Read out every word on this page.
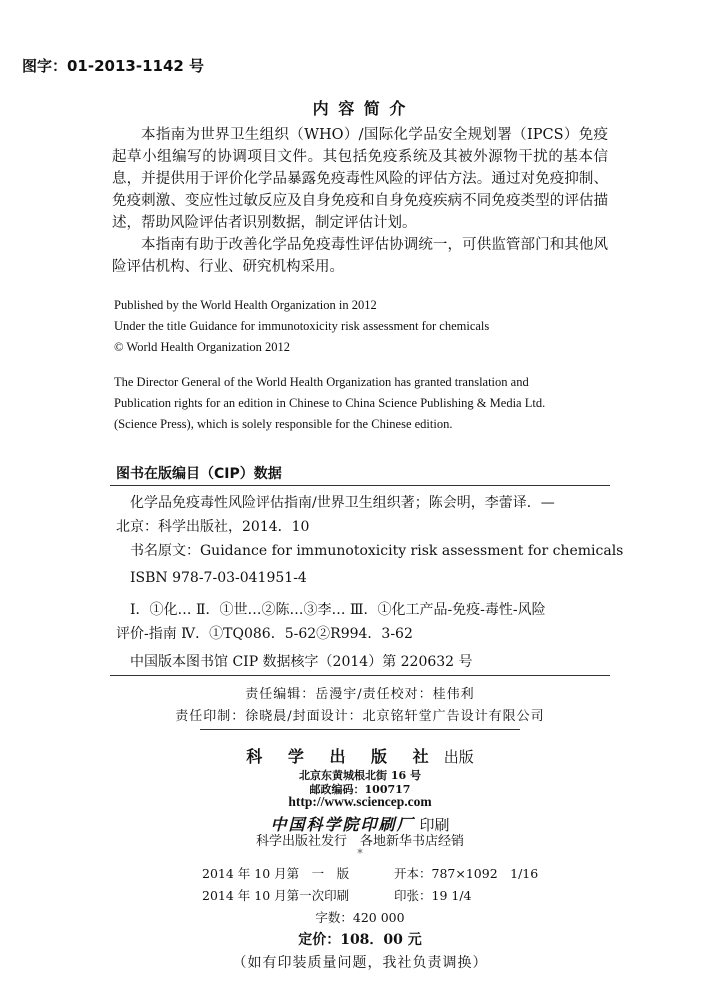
图字：01-2013-1142 号
内 容 简 介
本指南为世界卫生组织（WHO）/国际化学品安全规划署（IPCS）免疫起草小组编写的协调项目文件。其包括免疫系统及其被外源物干扰的基本信息，并提供用于评价化学品暴露免疫毒性风险的评估方法。通过对免疫抑制、免疫刺激、变应性过敏反应及自身免疫和自身免疫疾病不同免疫类型的评估描述，帮助风险评估者识别数据，制定评估计划。
本指南有助于改善化学品免疫毒性评估协调统一，可供监管部门和其他风险评估机构、行业、研究机构采用。
Published by the World Health Organization in 2012
Under the title Guidance for immunotoxicity risk assessment for chemicals
© World Health Organization 2012
The Director General of the World Health Organization has granted translation and
Publication rights for an edition in Chinese to China Science Publishing & Media Ltd.
(Science Press), which is solely responsible for the Chinese edition.
图书在版编目（CIP）数据
化学品免疫毒性风险评估指南/世界卫生组织著；陈会明，李蕾译．—
北京：科学出版社，2014．10
书名原文：Guidance for immunotoxicity risk assessment for chemicals
ISBN 978-7-03-041951-4
Ⅰ．①化… Ⅱ．①世…②陈…③李… Ⅲ．①化工产品-免疫-毒性-风险
评价-指南 Ⅳ．①TQ086．5-62②R994．3-62
中国版本图书馆 CIP 数据核字（2014）第 220632 号
责任编辑：岳漫宇/责任校对：桂伟利
责任印制：徐晓晨/封面设计：北京铭轩堂广告设计有限公司
科 学 出 版 社 出版
北京东黄城根北街 16 号
邮政编码：100717
http://www.sciencep.com
中国科学院印刷厂 印刷
科学出版社发行　各地新华书店经销
*
2014 年 10 月第　一　版	开本：787×1092　1/16
2014 年 10 月第一次印刷	印张：19 1/4
字数：420 000
定价：108．00 元
（如有印装质量问题，我社负责调换）
